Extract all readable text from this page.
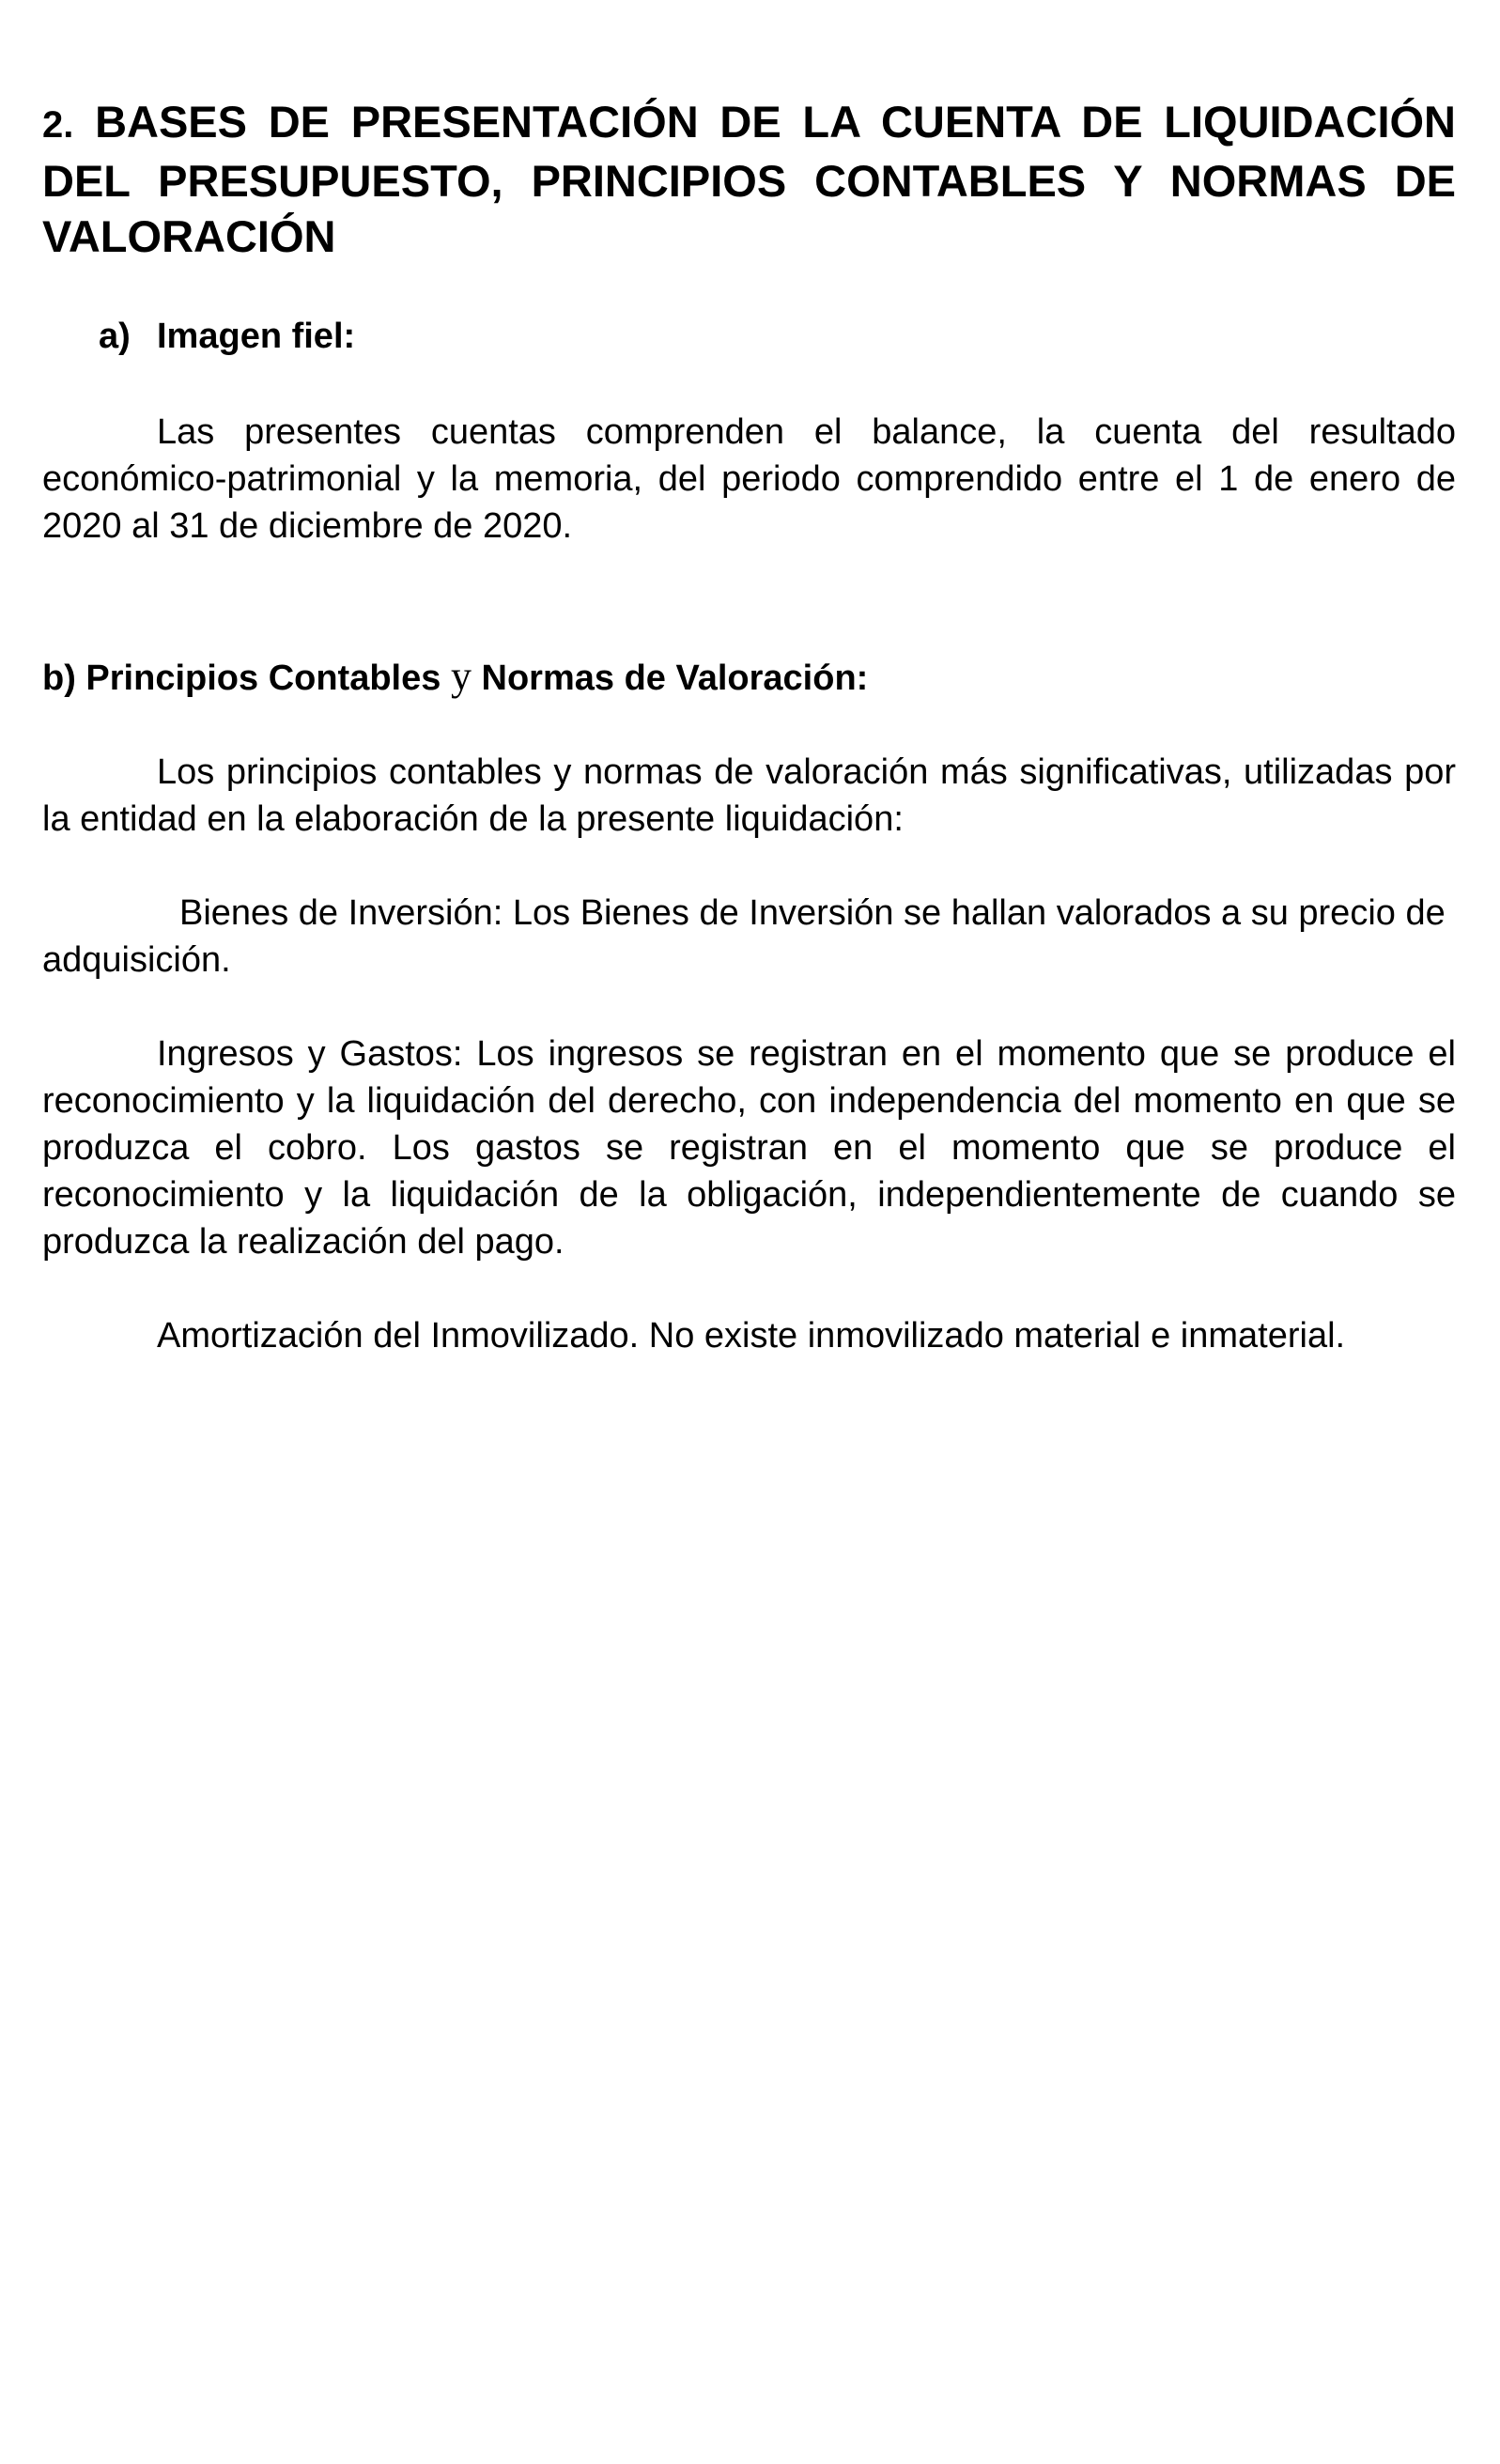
2. BASES DE PRESENTACIÓN DE LA CUENTA DE LIQUIDACIÓN DEL PRESUPUESTO, PRINCIPIOS CONTABLES Y NORMAS DE VALORACIÓN
a) Imagen fiel:

Las presentes cuentas comprenden el balance, la cuenta del resultado económico-patrimonial y la memoria, del periodo comprendido entre el 1 de enero de 2020 al 31 de diciembre de 2020.

b) Principios Contables y Normas de Valoración:

Los principios contables y normas de valoración más significativas, utilizadas por la entidad en la elaboración de la presente liquidación:

Bienes de Inversión: Los Bienes de Inversión se hallan valorados a su precio de adquisición.

Ingresos y Gastos: Los ingresos se registran en el momento que se produce el reconocimiento y la liquidación del derecho, con independencia del momento en que se produzca el cobro. Los gastos se registran en el momento que se produce el reconocimiento y la liquidación de la obligación, independientemente de cuando se produzca la realización del pago.

Amortización del Inmovilizado. No existe inmovilizado material e inmaterial.
